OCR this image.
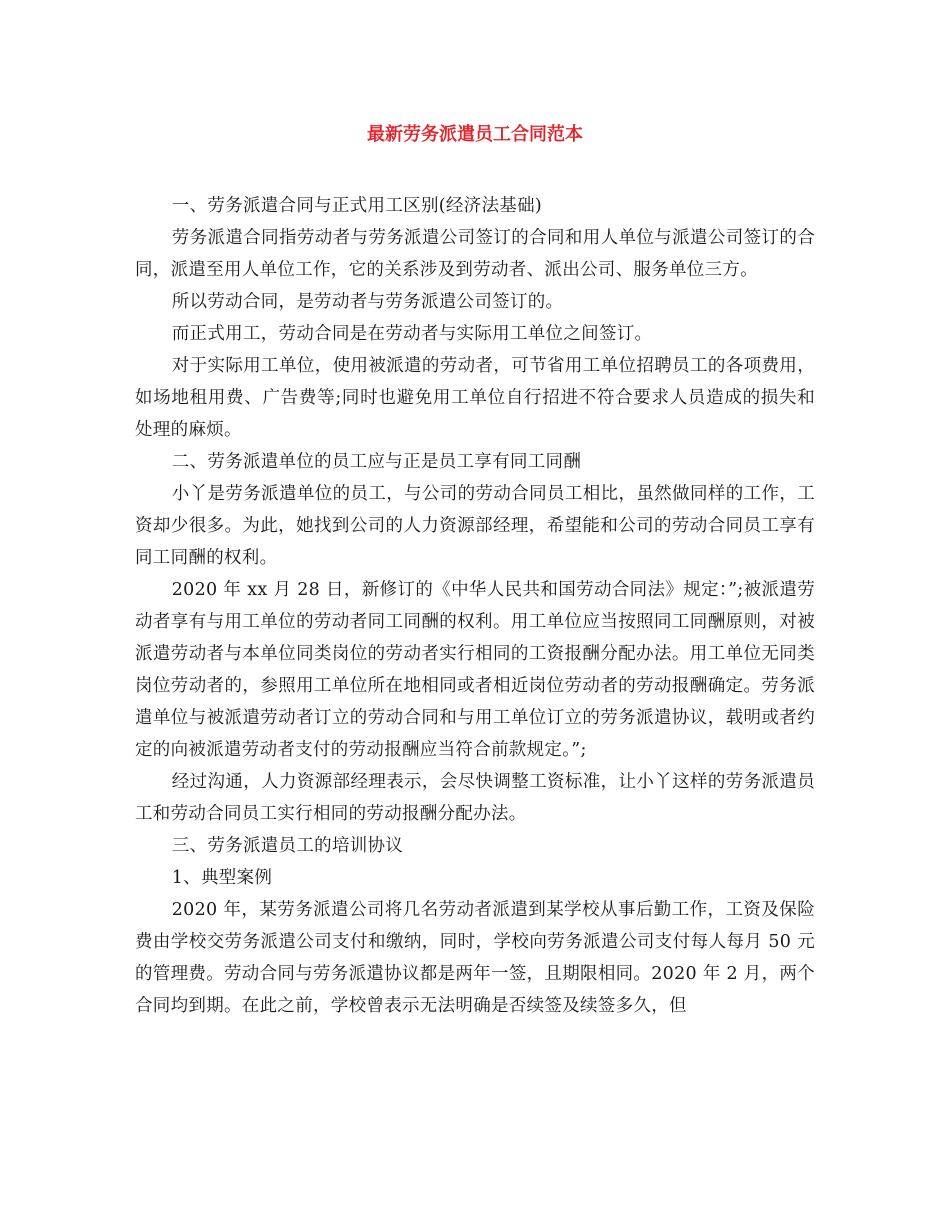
最新劳务派遣员工合同范本

一、劳务派遣合同与正式用工区别(经济法基础)

劳务派遣合同指劳动者与劳务派遣公司签订的合同和用人单位与派遣公司签订的合同，派遣至用人单位工作，它的关系涉及到劳动者、派出公司、服务单位三方。

所以劳动合同，是劳动者与劳务派遣公司签订的。

而正式用工，劳动合同是在劳动者与实际用工单位之间签订。

对于实际用工单位，使用被派遣的劳动者，可节省用工单位招聘员工的各项费用，如场地租用费、广告费等;同时也避免用工单位自行招进不符合要求人员造成的损失和处理的麻烦。

二、劳务派遣单位的员工应与正是员工享有同工同酬

小丫是劳务派遣单位的员工，与公司的劳动合同员工相比，虽然做同样的工作，工资却少很多。为此，她找到公司的人力资源部经理，希望能和公司的劳动合同员工享有同工同酬的权利。

2020 年 xx 月 28 日，新修订的《中华人民共和国劳动合同法》规定：”;被派遣劳动者享有与用工单位的劳动者同工同酬的权利。用工单位应当按照同工同酬原则，对被派遣劳动者与本单位同类岗位的劳动者实行相同的工资报酬分配办法。用工单位无同类岗位劳动者的，参照用工单位所在地相同或者相近岗位劳动者的劳动报酬确定。劳务派遣单位与被派遣劳动者订立的劳动合同和与用工单位订立的劳务派遣协议，载明或者约定的向被派遣劳动者支付的劳动报酬应当符合前款规定。”;

经过沟通，人力资源部经理表示，会尽快调整工资标准，让小丫这样的劳务派遣员工和劳动合同员工实行相同的劳动报酬分配办法。

三、劳务派遣员工的培训协议

1、典型案例

2020 年，某劳务派遣公司将几名劳动者派遣到某学校从事后勤工作，工资及保险费由学校交劳务派遣公司支付和缴纳，同时，学校向劳务派遣公司支付每人每月 50 元的管理费。劳动合同与劳务派遣协议都是两年一签，且期限相同。2020 年 2 月，两个合同均到期。在此之前，学校曾表示无法明确是否续签及续签多久，但
